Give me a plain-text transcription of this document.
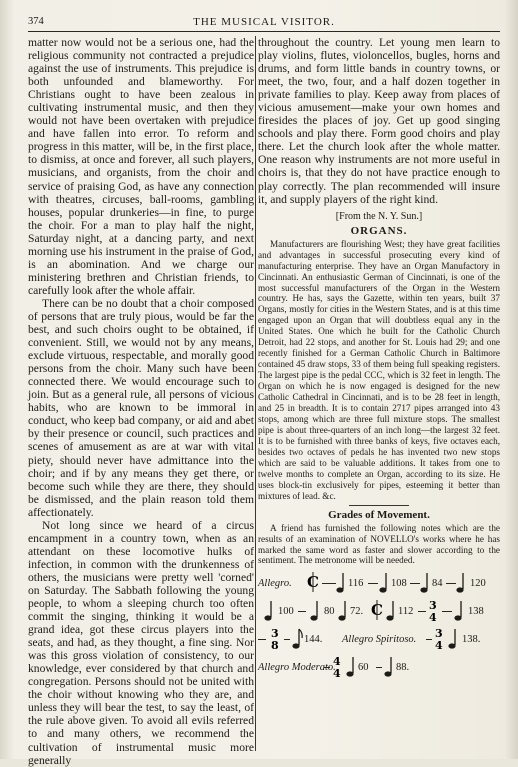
374	THE MUSICAL VISITOR.

matter now would not be a serious one, had the religious community not contracted a prejudice against the use of instruments. This prejudice is both unfounded and blameworthy. For Christians ought to have been zealous in cultivating instrumental music, and then they would not have been overtaken with prejudice and have fallen into error. To reform and progress in this matter, will be, in the first place, to dismiss, at once and forever, all such players, musicians, and organists, from the choir and service of praising God, as have any connection with theatres, circuses, ball-rooms, gambling houses, popular drunkeries—in fine, to purge the choir. For a man to play half the night, Saturday night, at a dancing party, and next morning use his instrument in the praise of God, is an abomination. And we charge our ministering brethren and Christian friends, to carefully look after the whole affair.

There can be no doubt that a choir composed of persons that are truly pious, would be far the best, and such choirs ought to be obtained, if convenient. Still, we would not by any means, exclude virtuous, respectable, and morally good persons from the choir. Many such have been connected there. We would encourage such to join. But as a general rule, all persons of vicious habits, who are known to be immoral in conduct, who keep bad company, or aid and abet by their presence or council, such practices and scenes of amusement as are at war with vital piety, should never have admittance into the choir; and if by any means they get there, or become such while they are there, they should be dismissed, and the plain reason told them affectionately.

Not long since we heard of a circus encampment in a country town, when as an attendant on these locomotive hulks of infection, in common with the drunkenness of others, the musicians were pretty well 'corned' on Saturday. The Sabbath following the young people, to whom a sleeping church too often commit the singing, thinking it would be a grand idea, got these circus players into the seats, and had, as they thought, a fine sing. Nor was this gross violation of consistency, to our knowledge, ever considered by that church and congregation. Persons should not be united with the choir without knowing who they are, and unless they will bear the test, to say the least, of the rule above given. To avoid all evils referred to and many others, we recommend the cultivation of instrumental music more generally

throughout the country. Let young men learn to play violins, flutes, violoncellos, bugles, horns and drums, and form little bands in country towns, or meet, the two, four, and a half dozen together in private families to play. Keep away from places of vicious amusement—make your own homes and firesides the places of joy. Get up good singing schools and play there. Form good choirs and play there. Let the church look after the whole matter. One reason why instruments are not more useful in choirs is, that they do not have practice enough to play correctly. The plan recommended will insure it, and supply players of the right kind.

[From the N. Y. Sun.]
ORGANS.

Manufacturers are flourishing West; they have great facilities and advantages in successful prosecuting every kind of manufacturing enterprise. They have an Organ Manufactory in Cincinnati. An enthusiastic German of Cincinnati, is one of the most successful manufacturers of the Organ in the Western country. He has, says the Gazette, within ten years, built 37 Organs, mostly for cities in the Western States, and is at this time engaged upon an Organ that will doubtless equal any in the United States. One which he built for the Catholic Church Detroit, had 22 stops, and another for St. Louis had 29; and one recently finished for a German Catholic Church in Baltimore contained 45 draw stops, 33 of them being full speaking registers. The largest pipe is the pedal CCC, which is 32 feet in length. The Organ on which he is now engaged is designed for the new Catholic Cathedral in Cincinnati, and is to be 28 feet in length, and 25 in breadth. It is to contain 2717 pipes arranged into 43 stops, among which are three full mixture stops. The smallest pipe is about three-quarters of an inch long—the largest 32 feet. It is to be furnished with three banks of keys, five octaves each, besides two octaves of pedals he has invented two new stops which are said to be valuable additions. It takes from one to twelve months to complete an Organ, according to its size. He uses block-tin exclusively for pipes, esteeming it better than mixtures of lead. &c.

Grades of Movement.

A friend has furnished the following notes which are the results of an examination of NOVELLO's works where he has marked the same word as faster and slower according to the sentiment. The metronome will be needed.

Allegro. C	116	108 84	120
100	80 72. C 112 3
4	138
3
8 144. Allegro Spiritoso. 3
4 138.
Allegro Moderato.
4
4 60	88.
